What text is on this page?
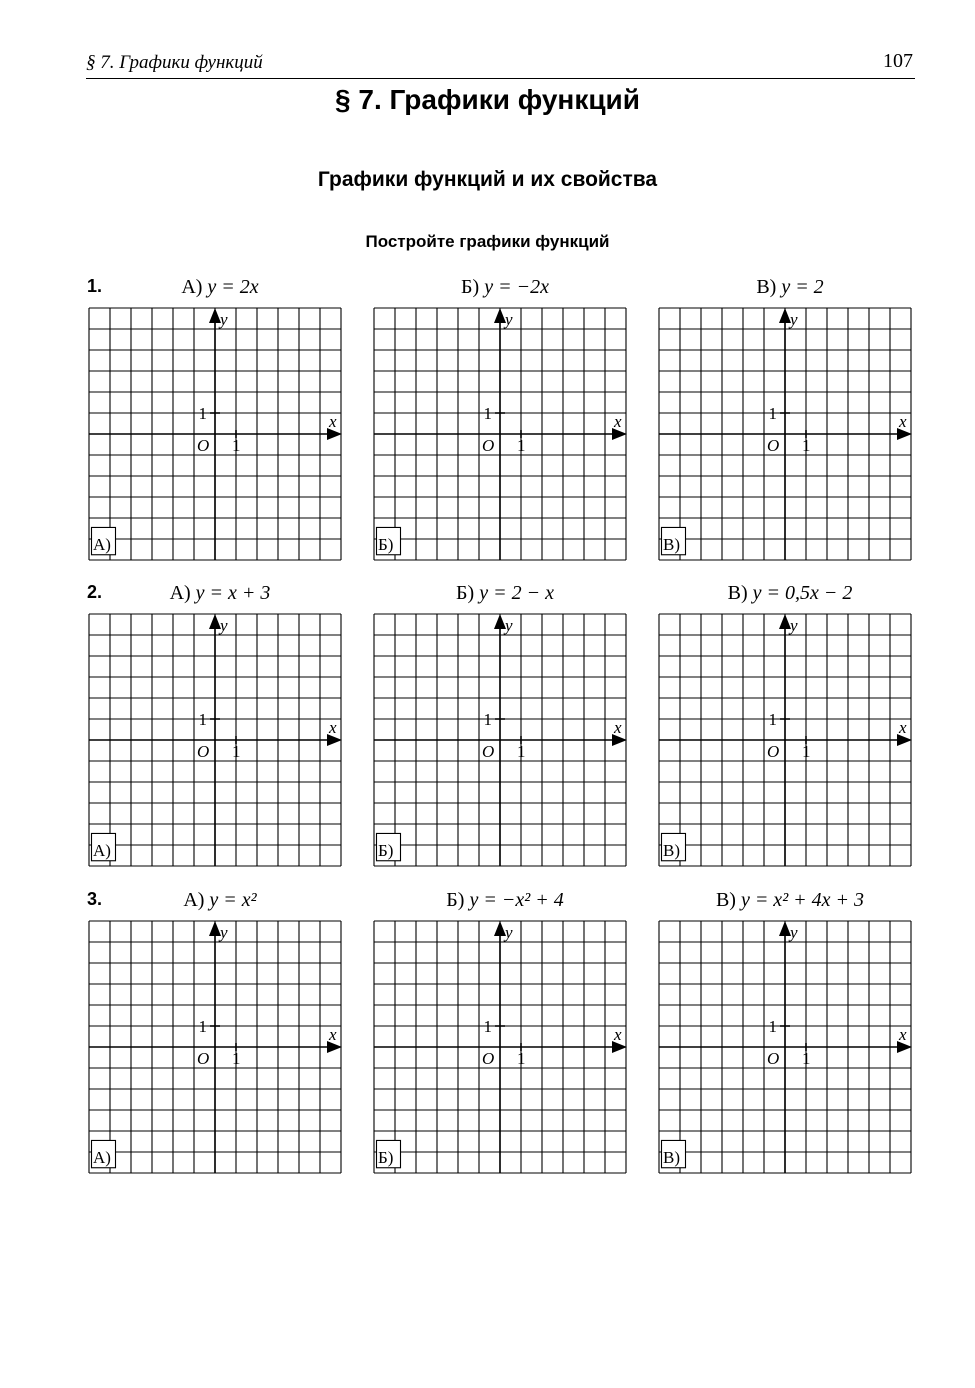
§ 7. Графики функций	107
§ 7. Графики функций
Графики функций и их свойства
Постройте графики функций
1.	А) y = 2x	Б) y = −2x	В) y = 2
y
x
1
O 1
А)
y
x
1
O 1
Б)
y
x
1
O 1
В)
2.	А) y = x + 3	Б) y = 2 − x	В) y = 0,5x − 2
y
x
1
O 1
А)
y
x
1
O 1
Б)
y
x
1
O 1
В)
3.	А) y = x²	Б) y = −x² + 4	В) y = x² + 4x + 3
y
x
1
O 1
А)
y
x
1
O 1
Б)
y
x
1
O 1
В)
